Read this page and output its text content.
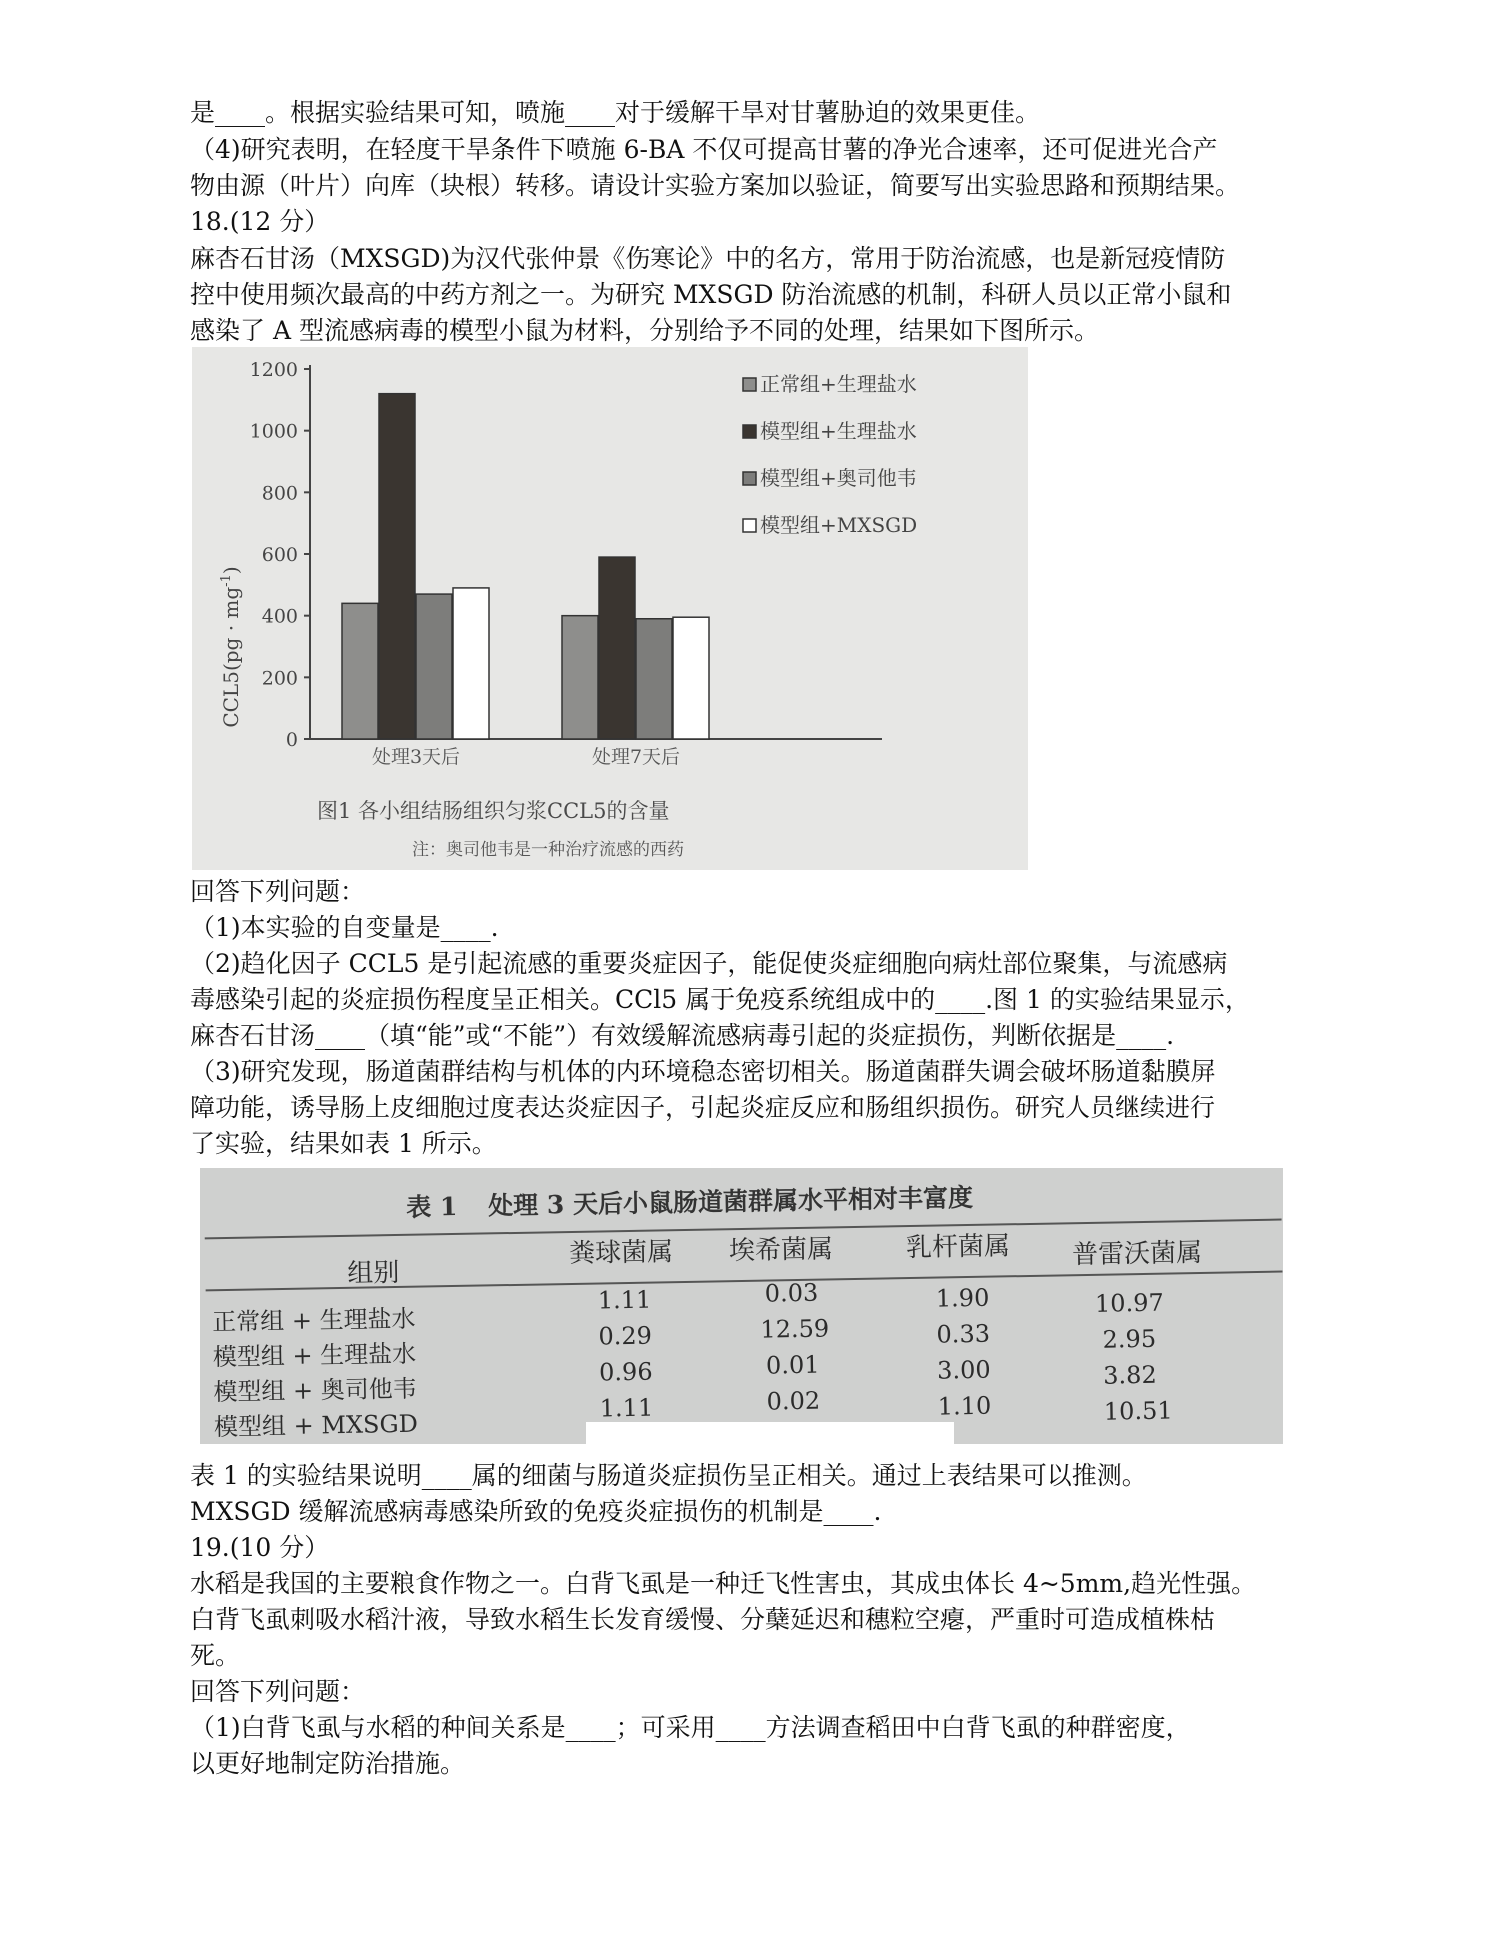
是____。根据实验结果可知，喷施____对于缓解干旱对甘薯胁迫的效果更佳。
（4)研究表明，在轻度干旱条件下喷施 6-BA 不仅可提高甘薯的净光合速率，还可促进光合产
物由源（叶片）向库（块根）转移。请设计实验方案加以验证，简要写出实验思路和预期结果。
18.(12 分）
麻杏石甘汤（MXSGD)为汉代张仲景《伤寒论》中的名方，常用于防治流感，也是新冠疫情防
控中使用频次最高的中药方剂之一。为研究 MXSGD 防治流感的机制，科研人员以正常小鼠和
感染了 A 型流感病毒的模型小鼠为材料，分别给予不同的处理，结果如下图所示。
0
200
400
600
800
1000
1200
处理3天后	处理7天后
正常组+生理盐水
模型组+生理盐水
模型组+奥司他韦
模型组+MXSGD
图1 各小组结肠组织匀浆CCL5的含量
注：奥司他韦是一种治疗流感的西药
$CCL5(pg \cdot mg^{-1})$
回答下列问题：
（1)本实验的自变量是____.
（2)趋化因子 CCL5 是引起流感的重要炎症因子，能促使炎症细胞向病灶部位聚集，与流感病
毒感染引起的炎症损伤程度呈正相关。CCl5 属于免疫系统组成中的____.图 1 的实验结果显示，
麻杏石甘汤____（填“能”或“不能”）有效缓解流感病毒引起的炎症损伤，判断依据是____.
（3)研究发现，肠道菌群结构与机体的内环境稳态密切相关。肠道菌群失调会破坏肠道黏膜屏
障功能，诱导肠上皮细胞过度表达炎症因子，引起炎症反应和肠组织损伤。研究人员继续进行
了实验，结果如表 1 所示。
表 1 处理 3 天后小鼠肠道菌群属水平相对丰富度
组别
粪球菌属 埃希菌属	乳杆菌属 普雷沃菌属
正常组 + 生理盐水
1.11	0.03	1.90	10.97
模型组 + 生理盐水
0.29	12.59	0.33	2.95
模型组 + 奥司他韦
0.96	0.01	3.00	3.82
模型组 + MXSGD
1.11	0.02	1.10	10.51
表 1 的实验结果说明____属的细菌与肠道炎症损伤呈正相关。通过上表结果可以推测。
MXSGD 缓解流感病毒感染所致的免疫炎症损伤的机制是____.
19.(10 分）
水稻是我国的主要粮食作物之一。白背飞虱是一种迁飞性害虫，其成虫体长 4~5mm,趋光性强。
白背飞虱刺吸水稻汁液，导致水稻生长发育缓慢、分蘖延迟和穗粒空瘪，严重时可造成植株枯
死。
回答下列问题：
（1)白背飞虱与水稻的种间关系是____；可采用____方法调查稻田中白背飞虱的种群密度，
以更好地制定防治措施。
